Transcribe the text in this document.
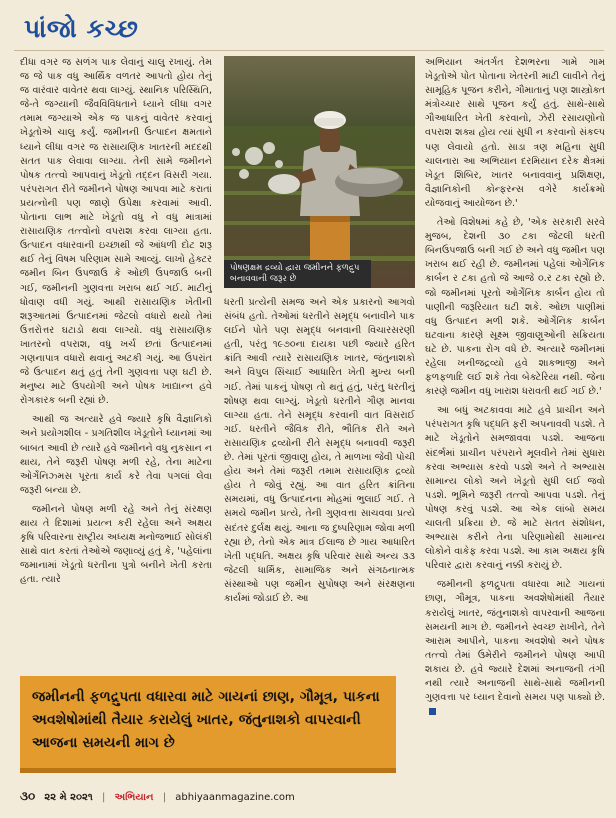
પાંજો કચ્છ

દીધા વગર જ સળંગ પાક લેવાનું ચાલુ રખાયું. તેમ જ જે પાક વધુ આર્થિક વળતર આપતો હોય તેનું જ વારંવાર વાવેતર થવા લાગ્યું. સ્થાનિક પરિસ્થિતિ, જે-તે જગ્યાની જૈવવિવિધતાને ધ્યાને લીધા વગર તમામ જગ્યાએ એક જ પાકનું વાવેતર કરવાનું ખેડૂતોએ ચાલુ કર્યું. જમીનની ઉત્પાદન ક્ષમતાને ધ્યાને લીધા વગર જ રાસાયણિક ખાતરની મદદથી સતત પાક લેવાવા લાગ્યા. તેની સામે જમીનને પોષક તત્ત્વો આપવાનું ખેડૂતો તદ્દન વિસરી ગયા. પરંપરાગત રીતે જમીનને પોષણ આપવા માટે કરાતાં પ્રયત્નોની પણ જાણે ઉપેક્ષા કરવામાં આવી. પોતાના લાભ માટે ખેડૂતો વધુ ને વધુ માત્રામાં રાસાયણિક તત્ત્વોનો વપરાશ કરવા લાગ્યા હતા. ઉત્પાદન વધારવાની ઇચ્છાથી જે આંધળી દોટ શરૂ થઈ તેનું વિષમ પરિણામ સામે આવ્યું. લાખો હેક્ટર જમીન બિન ઉપજાઉ કે ઓછી ઉપજાઉ બની ગઈ, જમીનની ગુણવત્તા ખરાબ થઈ ગઈ. માટીનું ધોવાણ વધી ગયું. આથી રાસાયણિક ખેતીની શરૂઆતમાં ઉત્પાદનમાં જેટલો વધારો થયો તેમાં ઉત્તરોત્તર ઘટાડો થવા લાગ્યો. વધુ રાસાયણિક ખાતરનો વપરાશ, વધુ ખર્ચ છતાં ઉત્પાદનમાં ગણનાપાત્ર વધારો થવાનું અટકી ગયું. આ ઉપરાંત જે ઉત્પાદન થતું હતું તેની ગુણવત્તા પણ ઘટી છે. મનુષ્ય માટે ઉપયોગી અને પોષક ખાદ્યાન્ન હવે રોગકારક બની રહ્યાં છે.

આથી જ અત્યારે હવે જ્યારે કૃષિ વૈજ્ઞાનિકો અને પ્રયોગશીલ - પ્રગતિશીલ ખેડૂતોને ધ્યાનમાં આ બાબત આવી છે ત્યારે હવે જમીનને વધુ નુકસાન ન થાય, તેને જરૂરી પોષણ મળી રહે, તેના માટેના ઓર્ગેનિઝ્મસ પૂરતા કાર્ય કરે તેવા પગલાં લેવા જરૂરી બન્યા છે.

જમીનને પોષણ મળી રહે અને તેનું સંરક્ષણ થાય તે દિશામાં પ્રયત્ન કરી રહેલા અને અક્ષય કૃષિ પરિવારના રાષ્ટ્રીય અધ્યક્ષ મનોજભાઈ સોલંકી સાથે વાત કરતાં તેઓએ જણાવ્યું હતું કે, 'પહેલાંના જમાનામાં ખેડૂતો ધરતીના પુત્રો બનીને ખેતી કરતા હતા. ત્યારે

પોષણક્ષમ દ્રવ્યો દ્વારા જમીનને ફળદ્રુપ બનાવવાની જરૂર છે

ધરતી પ્રત્યેની સમજ અને એક પ્રકારનો આગવો સંબંધ હતો. તેઓમાં ધરતીને સમૃદ્ધ બનાવીને પાક લઈને પોતે પણ સમૃદ્ધ બનવાની વિચારસરણી હતી, પરંતુ ૧૯૭૦ના દાયકા પછી જ્યારે હરિત ક્રાંતિ આવી ત્યારે રાસાયણિક ખાતર, જંતુનાશકો અને વિપુલ સિંચાઈ આધારિત ખેતી મુખ્ય બની ગઈ. તેમાં પાકનું પોષણ તો થતું હતું, પરંતુ ધરતીનું શોષણ થવા લાગ્યું. ખેડૂતો ધરતીને ગૌણ માનવા લાગ્યા હતા. તેને સમૃદ્ધ કરવાની વાત વિસરાઈ ગઈ. ધરતીને જૈવિક રીતે, ભૌતિક રીતે અને રાસાયણિક દ્રવ્યોની રીતે સમૃદ્ધ બનાવવી જરૂરી છે. તેમાં પૂરતાં જીવાણુ હોય, તે માળખા જેવી પોચી હોય અને તેમાં જરૂરી તમામ રાસાયણિક દ્રવ્યો હોય તે જોવું રહ્યું. આ વાત હરિત ક્રાંતિના સમયમાં, વધુ ઉત્પાદનના મોહમાં ભુલાઈ ગઈ. તે સમયે જમીન પ્રત્યે, તેની ગુણવત્તા સાચવવા પ્રત્યે સદંતર દુર્લક્ષ થયું. આના જ દુષ્પરિણામ જોવા મળી રહ્યા છે, તેનો એક માત્ર ઈલાજ છે ગાય આધારિત ખેતી પદ્ધતિ. અક્ષય કૃષિ પરિવાર સાથે અન્ય ૩૩ જેટલી ધાર્મિક, સામાજિક અને સંગઠનાત્મક સંસ્થાઓ પણ જમીન સુપોષણ અને સંરક્ષણના કાર્યમાં જોડાઈ છે. આ

અભિયાન અંતર્ગત દેશભરના ગામે ગામ ખેડૂતોએ પોત પોતાના ખેતરની માટી લાવીને તેનું સામૂહિક પૂજન કરીને, ગૌમાતાનું પણ શાસ્ત્રોક્ત મંત્રોચ્ચાર સાથે પૂજન કર્યું હતું. સાથે-સાથે ગૌઆધારિત ખેતી કરવાનો, ઝેરી રસાયણોનો વપરાશ શક્ય હોય ત્યાં સુધી ન કરવાનો સંકલ્પ પણ લેવાયો હતો. સાડા ત્રણ મહિના સુધી ચાલનારા આ અભિયાન દરમિયાન દરેક ક્ષેત્રમાં ખેડૂત શિબિર, ખાતર બનાવવાનું પ્રશિક્ષણ, વૈજ્ઞાનિકોની કોન્ફરન્સ વગેરે કાર્યક્રમો યોજવાનું આયોજન છે.'

તેઓ વિશેષમાં કહે છે, 'એક સરકારી સરવે મુજબ, દેશની ૩૦ ટકા જેટલી ધરતી બિનઉપજાઉ બની ગઈ છે અને વધુ જમીન પણ ખરાબ થઈ રહી છે. જમીનમાં પહેલાં ઓર્ગેનિક કાર્બન ર ટકા હતો જે આજે ૦.ર ટકા રહ્યો છે. જો જમીનમાં પૂરતો ઓર્ગેનિક કાર્બન હોય તો પાણીની જરૂરિયાત ઘટી શકે. ઓછા પાણીમાં વધુ ઉત્પાદન મળી શકે. ઓર્ગેનિક કાર્બન ઘટવાના કારણે સૂક્ષ્મ જીવાણુઓની સક્રિયતા ઘટે છે. પાકના રોગ વધે છે. અત્યારે જમીનમાં રહેલા ખનીજદ્રવ્યો હવે શાકભાજી અને ફળફળાદિ લઈ શકે તેવા બેક્ટેરિયા નથી. જેના કારણે જમીન વધુ ખારાશ ધરાવતી થઈ ગઈ છે.'

આ બધું અટકાવવા માટે હવે પ્રાચીન અને પરંપરાગત કૃષિ પદ્ધતિ ફરી અપનાવવી પડશે. તે માટે ખેડૂતોને સમજાવવા પડશે. આજના સંદર્ભમાં પ્રાચીન પરંપરાને મૂલવીને તેમાં સુધારા કરવા અભ્યાસ કરવો પડશે અને તે અભ્યાસ સામાન્ય લોકો અને ખેડૂતો સુધી લઈ જવો પડશે. ભૂમિને જરૂરી તત્ત્વો આપવા પડશે. તેનું પોષણ કરવું પડશે. આ એક લાંબો સમય ચાલતી પ્રક્રિયા છે. જે માટે સતત સંશોધન, અભ્યાસ કરીને તેના પરિણામોથી સામાન્ય લોકોને વાકેફ કરવા પડશે. આ કામ અક્ષય કૃષિ પરિવાર દ્વારા કરવાનું નક્કી કરાયું છે.

જમીનની ફળદ્રુપતા વધારવા માટે ગાયનાં છાણ, ગૌમૂત્ર, પાકના અવશેષોમાંથી તૈયાર કરાયેલું ખાતર, જંતુનાશકો વાપરવાની આજના સમયની માગ છે. જમીનને સ્વચ્છ રાખીને, તેને આરામ આપીને, પાકના અવશેષો અને પોષક તત્ત્વો તેમાં ઉમેરીને જમીનને પોષણ આપી શકાય છે. હવે જ્યારે દેશમાં અનાજની તંગી નથી ત્યારે અનાજની સાથે-સાથે જમીનની ગુણવત્તા પર ધ્યાન દેવાનો સમય પણ પાક્યો છે.

જમીનની ફળદ્રુપતા વધારવા માટે ગાયનાં છાણ, ગૌમૂત્ર, પાકના અવશેષોમાંથી તૈયાર કરાયેલું ખાતર, જંતુનાશકો વાપરવાની આજના સમયની માગ છે
૩૦ ૨૨ મે ૨૦૨૧ | અભિયાન | abhiyaanmagazine.com
